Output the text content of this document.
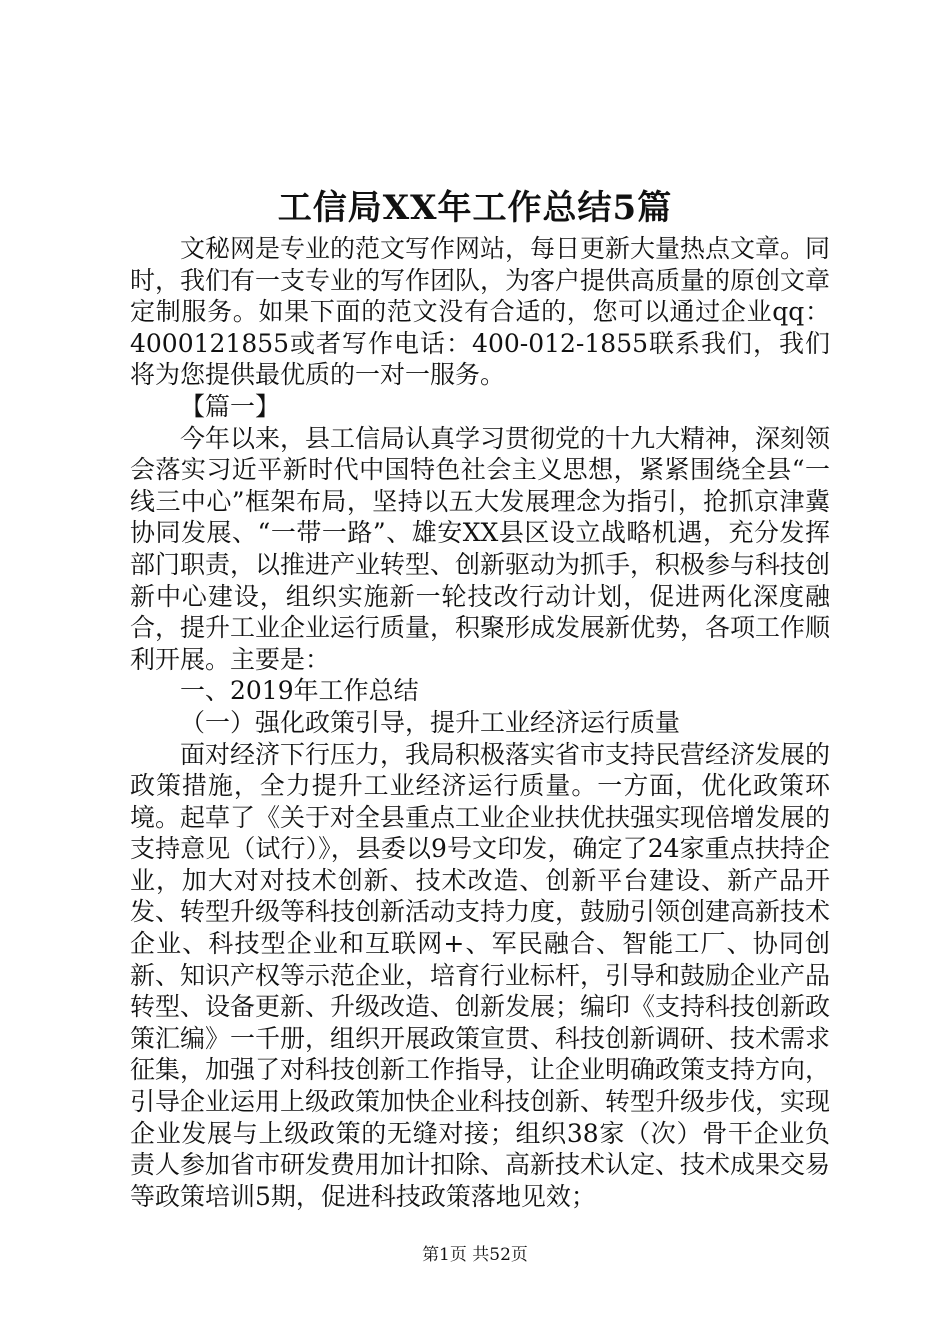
工信局XX年工作总结5篇

文秘网是专业的范文写作网站，每日更新大量热点文章。同时，我们有一支专业的写作团队，为客户提供高质量的原创文章定制服务。如果下面的范文没有合适的，您可以通过企业qq：4000121855或者写作电话：400-012-1855联系我们，我们将为您提供最优质的一对一服务。

【篇一】

今年以来，县工信局认真学习贯彻党的十九大精神，深刻领会落实习近平新时代中国特色社会主义思想，紧紧围绕全县“一线三中心”框架布局，坚持以五大发展理念为指引，抢抓京津冀协同发展、“一带一路”、雄安XX县区设立战略机遇，充分发挥部门职责，以推进产业转型、创新驱动为抓手，积极参与科技创新中心建设，组织实施新一轮技改行动计划，促进两化深度融合，提升工业企业运行质量，积聚形成发展新优势，各项工作顺利开展。主要是：

一、2019年工作总结

（一）强化政策引导，提升工业经济运行质量

面对经济下行压力，我局积极落实省市支持民营经济发展的政策措施，全力提升工业经济运行质量。一方面，优化政策环境。起草了《关于对全县重点工业企业扶优扶强实现倍增发展的支持意见（试行）》，县委以9号文印发，确定了24家重点扶持企业，加大对对技术创新、技术改造、创新平台建设、新产品开发、转型升级等科技创新活动支持力度，鼓励引领创建高新技术企业、科技型企业和互联网+、军民融合、智能工厂、协同创新、知识产权等示范企业，培育行业标杆，引导和鼓励企业产品转型、设备更新、升级改造、创新发展；编印《支持科技创新政策汇编》一千册，组织开展政策宣贯、科技创新调研、技术需求征集，加强了对科技创新工作指导，让企业明确政策支持方向，引导企业运用上级政策加快企业科技创新、转型升级步伐，实现企业发展与上级政策的无缝对接；组织38家（次）骨干企业负责人参加省市研发费用加计扣除、高新技术认定、技术成果交易等政策培训5期，促进科技政策落地见效；

第1页 共52页
